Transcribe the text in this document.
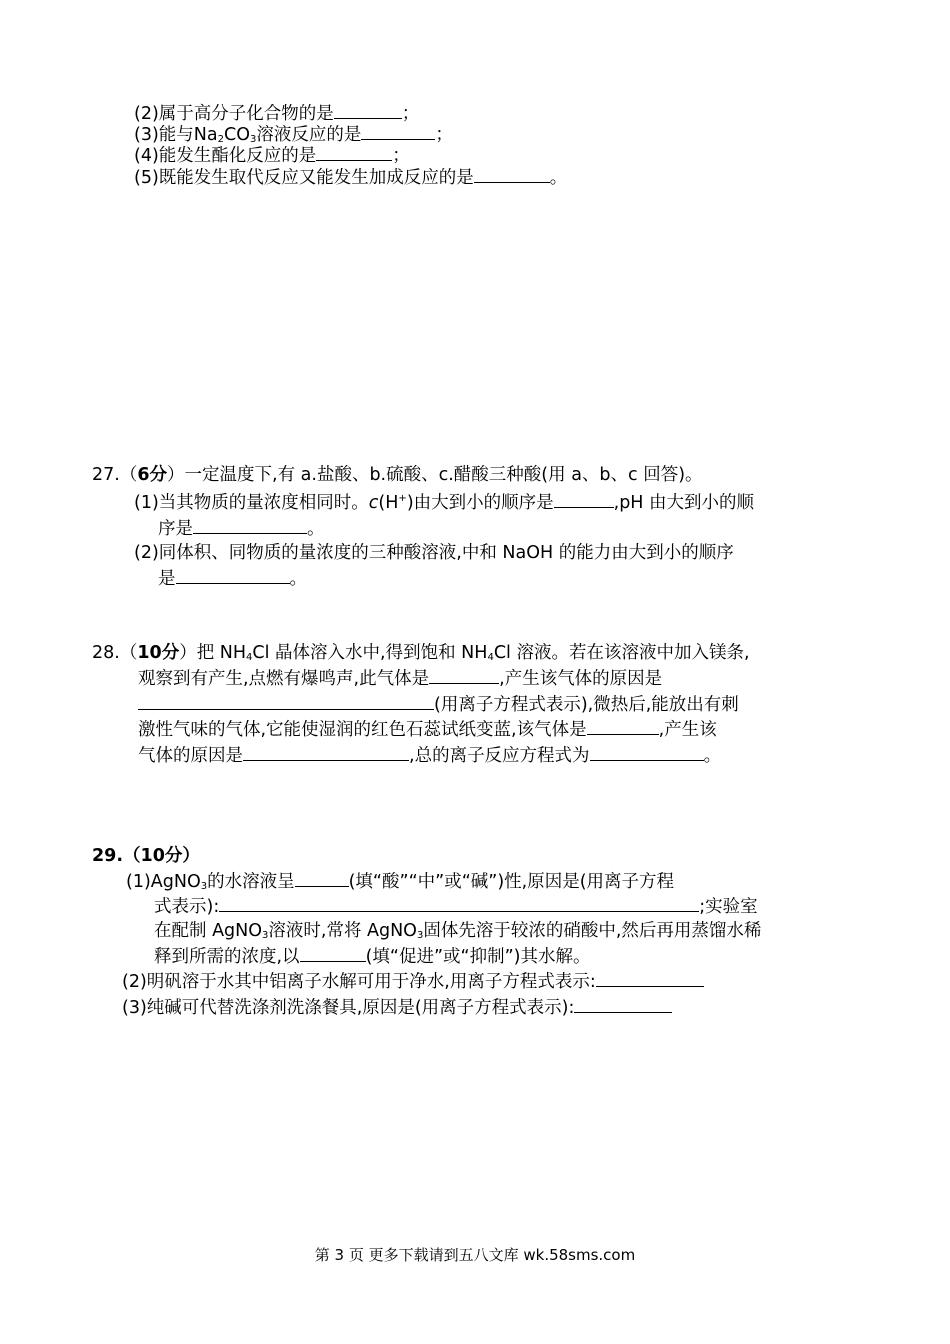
(2)属于高分子化合物的是	；
(3)能与$Na_2CO_3$溶液反应的是	；
(4)能发生酯化反应的是	；
(5)既能发生取代反应又能发生加成反应的是	。
27.（6分）一定温度下,有 a.盐酸、b.硫酸、c.醋酸三种酸(用 a、b、c 回答)。
(1)当其物质的量浓度相同时。c(H+)由大到小的顺序是	,pH 由大到小的顺
序是	。
(2)同体积、同物质的量浓度的三种酸溶液,中和 NaOH 的能力由大到小的顺序
是	。
28.（10分）把 $NH_4Cl$ 晶体溶入水中,得到饱和 $NH_4Cl$ 溶液。若在该溶液中加入镁条,
观察到有产生,点燃有爆鸣声,此气体是	,产生该气体的原因是
(用离子方程式表示),微热后,能放出有刺
激性气味的气体,它能使湿润的红色石蕊试纸变蓝,该气体是	,产生该
气体的原因是	,总的离子反应方程式为	。
29.（10分）
(1)AgNO$_3$的水溶液呈	(填“酸”“中”或“碱”)性,原因是(用离子方程
式表示):	;实验室
在配制 AgNO$_3$溶液时,常将 AgNO$_3$固体先溶于较浓的硝酸中,然后再用蒸馏水稀
释到所需的浓度,以	(填“促进”或“抑制”)其水解。
(2)明矾溶于水其中铝离子水解可用于净水,用离子方程式表示:
(3)纯碱可代替洗涤剂洗涤餐具,原因是(用离子方程式表示):
第 3 页 更多下载请到五八文库 wk.58sms.com
